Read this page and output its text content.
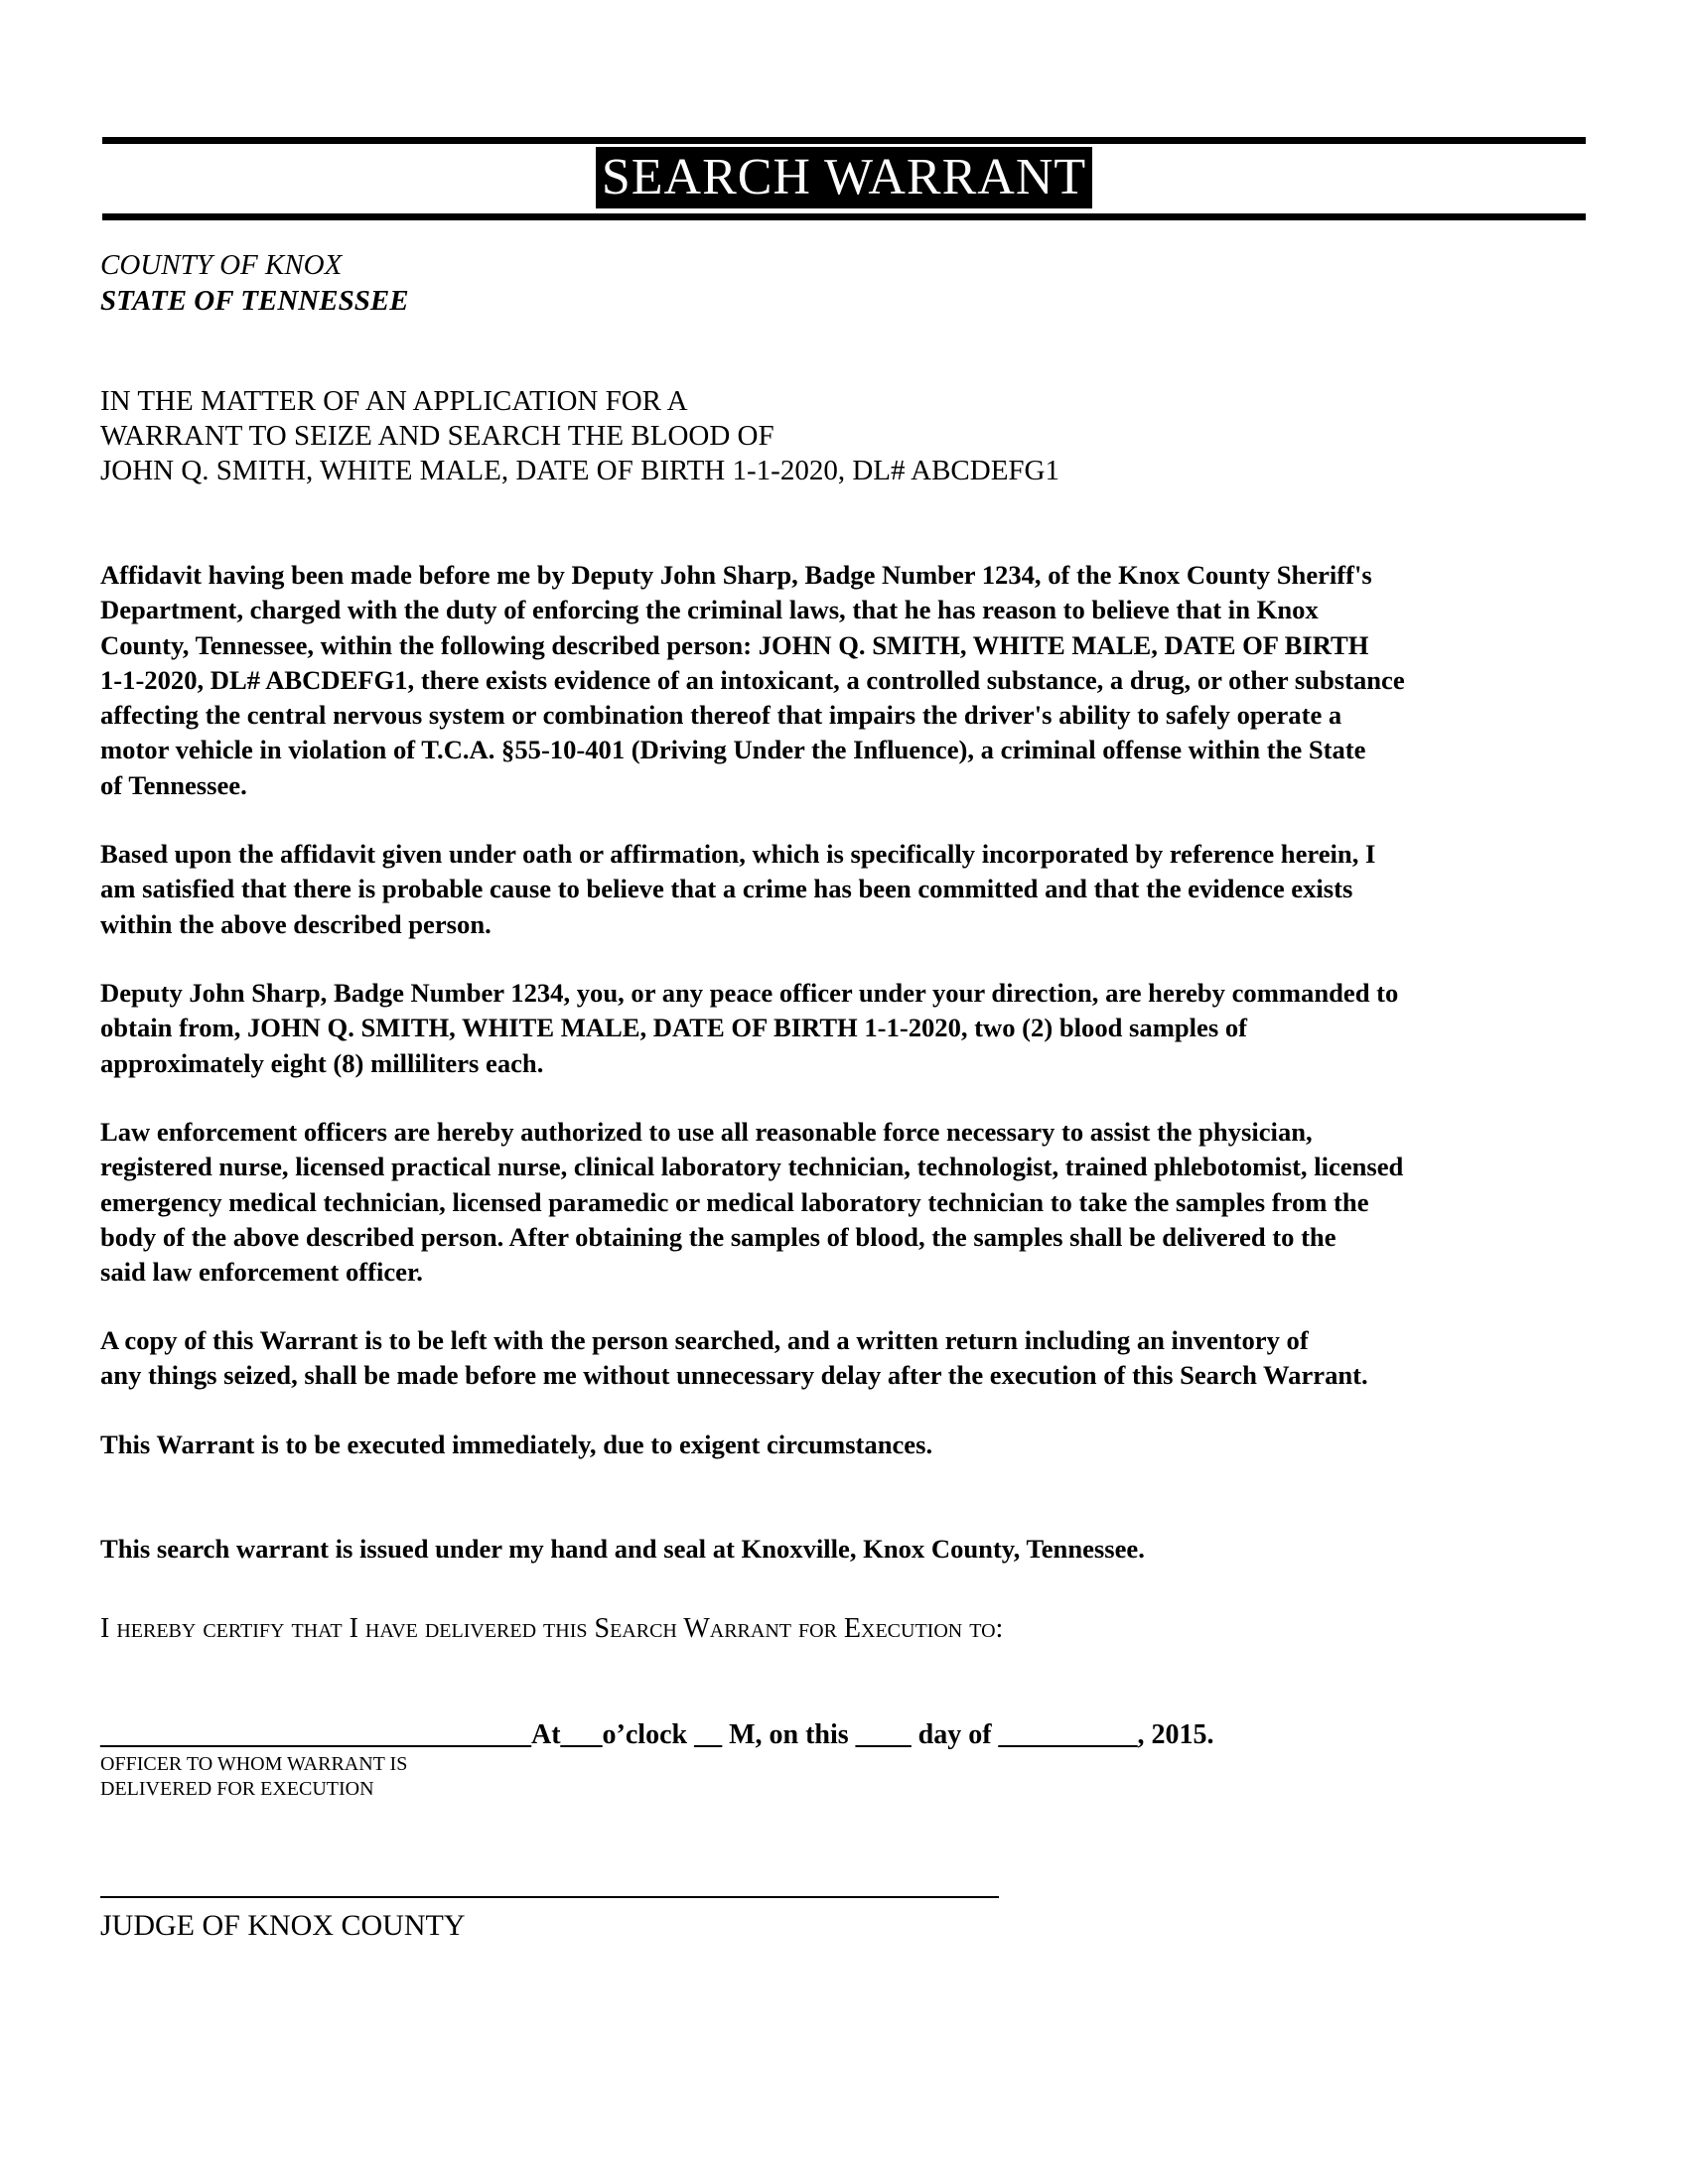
SEARCH WARRANT
COUNTY OF KNOX
STATE OF TENNESSEE
IN THE MATTER OF AN APPLICATION FOR A
WARRANT TO SEIZE AND SEARCH THE BLOOD OF
JOHN Q. SMITH, WHITE MALE, DATE OF BIRTH 1-1-2020, DL# ABCDEFG1

Affidavit having been made before me by Deputy John Sharp, Badge Number 1234, of the Knox County Sheriff's
Department, charged with the duty of enforcing the criminal laws, that he has reason to believe that in Knox
County, Tennessee, within the following described person: JOHN Q. SMITH, WHITE MALE, DATE OF BIRTH
1-1-2020, DL# ABCDEFG1, there exists evidence of an intoxicant, a controlled substance, a drug, or other substance
affecting the central nervous system or combination thereof that impairs the driver's ability to safely operate a
motor vehicle in violation of T.C.A. §55-10-401 (Driving Under the Influence), a criminal offense within the State
of Tennessee.

Based upon the affidavit given under oath or affirmation, which is specifically incorporated by reference herein, I
am satisfied that there is probable cause to believe that a crime has been committed and that the evidence exists
within the above described person.

Deputy John Sharp, Badge Number 1234, you, or any peace officer under your direction, are hereby commanded to
obtain from, JOHN Q. SMITH, WHITE MALE, DATE OF BIRTH 1-1-2020, two (2) blood samples of
approximately eight (8) milliliters each.

Law enforcement officers are hereby authorized to use all reasonable force necessary to assist the physician,
registered nurse, licensed practical nurse, clinical laboratory technician, technologist, trained phlebotomist, licensed
emergency medical technician, licensed paramedic or medical laboratory technician to take the samples from the
body of the above described person. After obtaining the samples of blood, the samples shall be delivered to the
said law enforcement officer.

A copy of this Warrant is to be left with the person searched, and a written return including an inventory of
any things seized, shall be made before me without unnecessary delay after the execution of this Search Warrant.

This Warrant is to be executed immediately, due to exigent circumstances.

This search warrant is issued under my hand and seal at Knoxville, Knox County, Tennessee.

I hereby certify that I have delivered this Search Warrant for Execution to:
_______________________________At___o’clock __ M, on this ____ day of __________, 2015.
OFFICER TO WHOM WARRANT IS
DELIVERED FOR EXECUTION
JUDGE OF KNOX COUNTY
